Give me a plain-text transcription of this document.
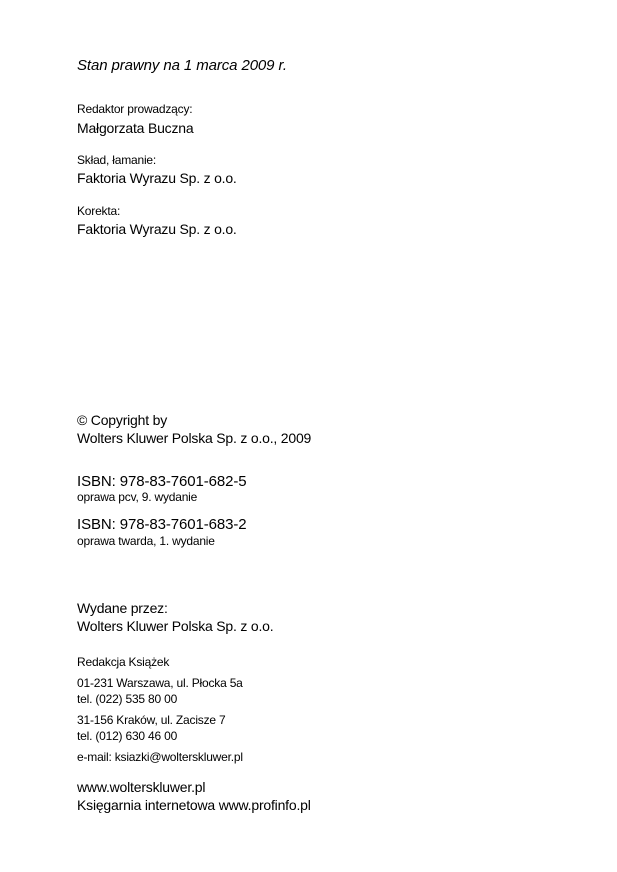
Stan prawny na 1 marca 2009 r.
Redaktor prowadzący:
Małgorzata Buczna
Skład, łamanie:
Faktoria Wyrazu Sp. z o.o.
Korekta:
Faktoria Wyrazu Sp. z o.o.
© Copyright by
Wolters Kluwer Polska Sp. z o.o., 2009
ISBN: 978-83-7601-682-5
oprawa pcv, 9. wydanie
ISBN: 978-83-7601-683-2
oprawa twarda, 1. wydanie
Wydane przez:
Wolters Kluwer Polska Sp. z o.o.
Redakcja Książek
01-231 Warszawa, ul. Płocka 5a
tel. (022) 535 80 00
31-156 Kraków, ul. Zacisze 7
tel. (012) 630 46 00
e-mail: ksiazki@wolterskluwer.pl
www.wolterskluwer.pl
Księgarnia internetowa www.profinfo.pl
